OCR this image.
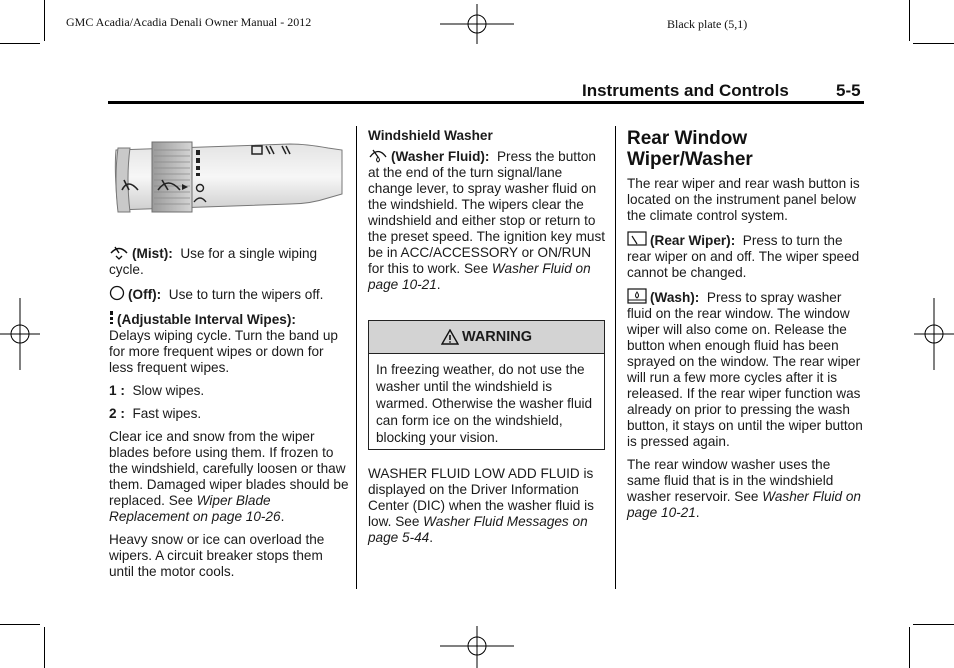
GMC Acadia/Acadia Denali Owner Manual - 2012	Black plate (5,1)
Instruments and Controls	5-5

(Mist): Use for a single wiping cycle.

(Off): Use to turn the wipers off.

(Adjustable Interval Wipes):
Delays wiping cycle. Turn the band up for more frequent wipes or down for less frequent wipes.

1 : Slow wipes.

2 : Fast wipes.

Clear ice and snow from the wiper blades before using them. If frozen to the windshield, carefully loosen or thaw them. Damaged wiper blades should be replaced. See Wiper Blade Replacement on page 10-26.

Heavy snow or ice can overload the wipers. A circuit breaker stops them until the motor cools.

Windshield Washer

(Washer Fluid): Press the button at the end of the turn signal/lane change lever, to spray washer fluid on the windshield. The wipers clear the windshield and either stop or return to the preset speed. The ignition key must be in ACC/ACCESSORY or ON/RUN for this to work. See Washer Fluid on page 10-21.

WARNING
In freezing weather, do not use the washer until the windshield is warmed. Otherwise the washer fluid can form ice on the windshield, blocking your vision.

WASHER FLUID LOW ADD FLUID is displayed on the Driver Information Center (DIC) when the washer fluid is low. See Washer Fluid Messages on page 5-44.

Rear Window
Wiper/Washer

The rear wiper and rear wash button is located on the instrument panel below the climate control system.

(Rear Wiper): Press to turn the rear wiper on and off. The wiper speed cannot be changed.

(Wash): Press to spray washer fluid on the rear window. The window wiper will also come on. Release the button when enough fluid has been sprayed on the window. The rear wiper will run a few more cycles after it is released. If the rear wiper function was already on prior to pressing the wash button, it stays on until the wiper button is pressed again.

The rear window washer uses the same fluid that is in the windshield washer reservoir. See Washer Fluid on page 10-21.
